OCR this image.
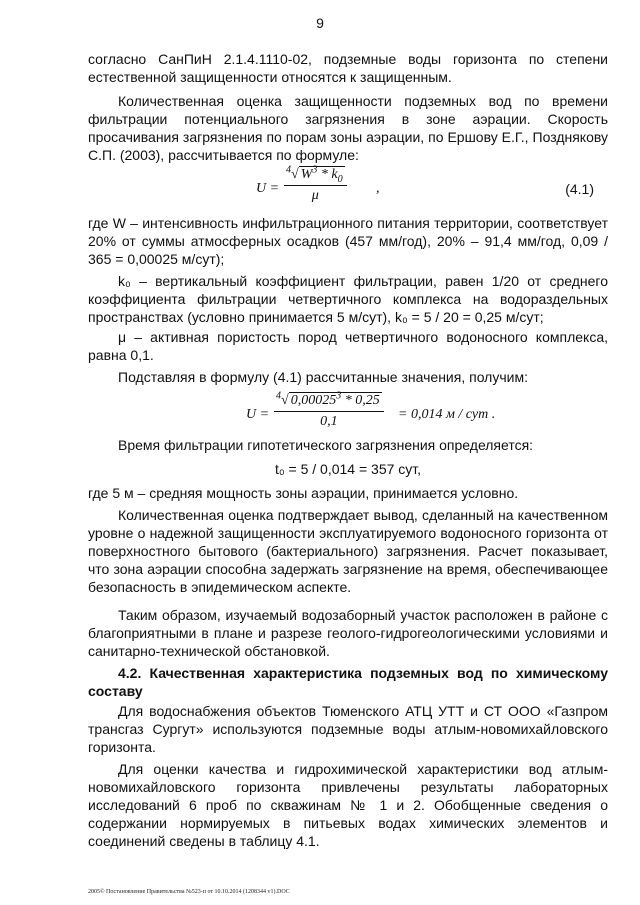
9

согласно СанПиН 2.1.4.1110-02, подземные воды горизонта по степени естественной защищенности относятся к защищенным.

Количественная оценка защищенности подземных вод по времени фильтрации потенциального загрязнения в зоне аэрации. Скорость просачивания загрязнения по порам зоны аэрации, по Ершову Е.Г., Позднякову С.П. (2003), рассчитывается по формуле:

U =
$^4$√ $W^3 * k_0$
μ	,	(4.1)

где W – интенсивность инфильтрационного питания территории, соответствует 20% от суммы атмосферных осадков (457 мм/год), 20% – 91,4 мм/год, 0,09 / 365 = 0,00025 м/сут);

k₀ – вертикальный коэффициент фильтрации, равен 1/20 от среднего коэффициента фильтрации четвертичного комплекса на водораздельных пространствах (условно принимается 5 м/сут), k₀ = 5 / 20 = 0,25 м/сут;

μ – активная пористость пород четвертичного водоносного комплекса, равна 0,1.

Подставляя в формулу (4.1) рассчитанные значения, получим:

U =
$^4$√ 0,00025$^3$ * 0,25
0,1	= 0,014 м / сут .

Время фильтрации гипотетического загрязнения определяется:

t₀ = 5 / 0,014 = 357 сут,

где 5 м – средняя мощность зоны аэрации, принимается условно.

Количественная оценка подтверждает вывод, сделанный на качественном уровне о надежной защищенности эксплуатируемого водоносного горизонта от поверхностного бытового (бактериального) загрязнения. Расчет показывает, что зона аэрации способна задержать загрязнение на время, обеспечивающее безопасность в эпидемическом аспекте.

Таким образом, изучаемый водозаборный участок расположен в районе с благоприятными в плане и разрезе геолого-гидрогеологическими условиями и санитарно-технической обстановкой.

4.2. Качественная характеристика подземных вод по химическому составу

Для водоснабжения объектов Тюменского АТЦ УТТ и СТ ООО «Газпром трансгаз Сургут» используются подземные воды атлым-новомихайловского горизонта.

Для оценки качества и гидрохимической характеристики вод атлым-новомихайловского горизонта привлечены результаты лабораторных исследований 6 проб по скважинам № 1 и 2. Обобщенные сведения о содержании нормируемых в питьевых водах химических элементов и соединений сведены в таблицу 4.1.

2005© Постановление Правительства №523-п от 10.10.2014 (1208344 v1).DOC
